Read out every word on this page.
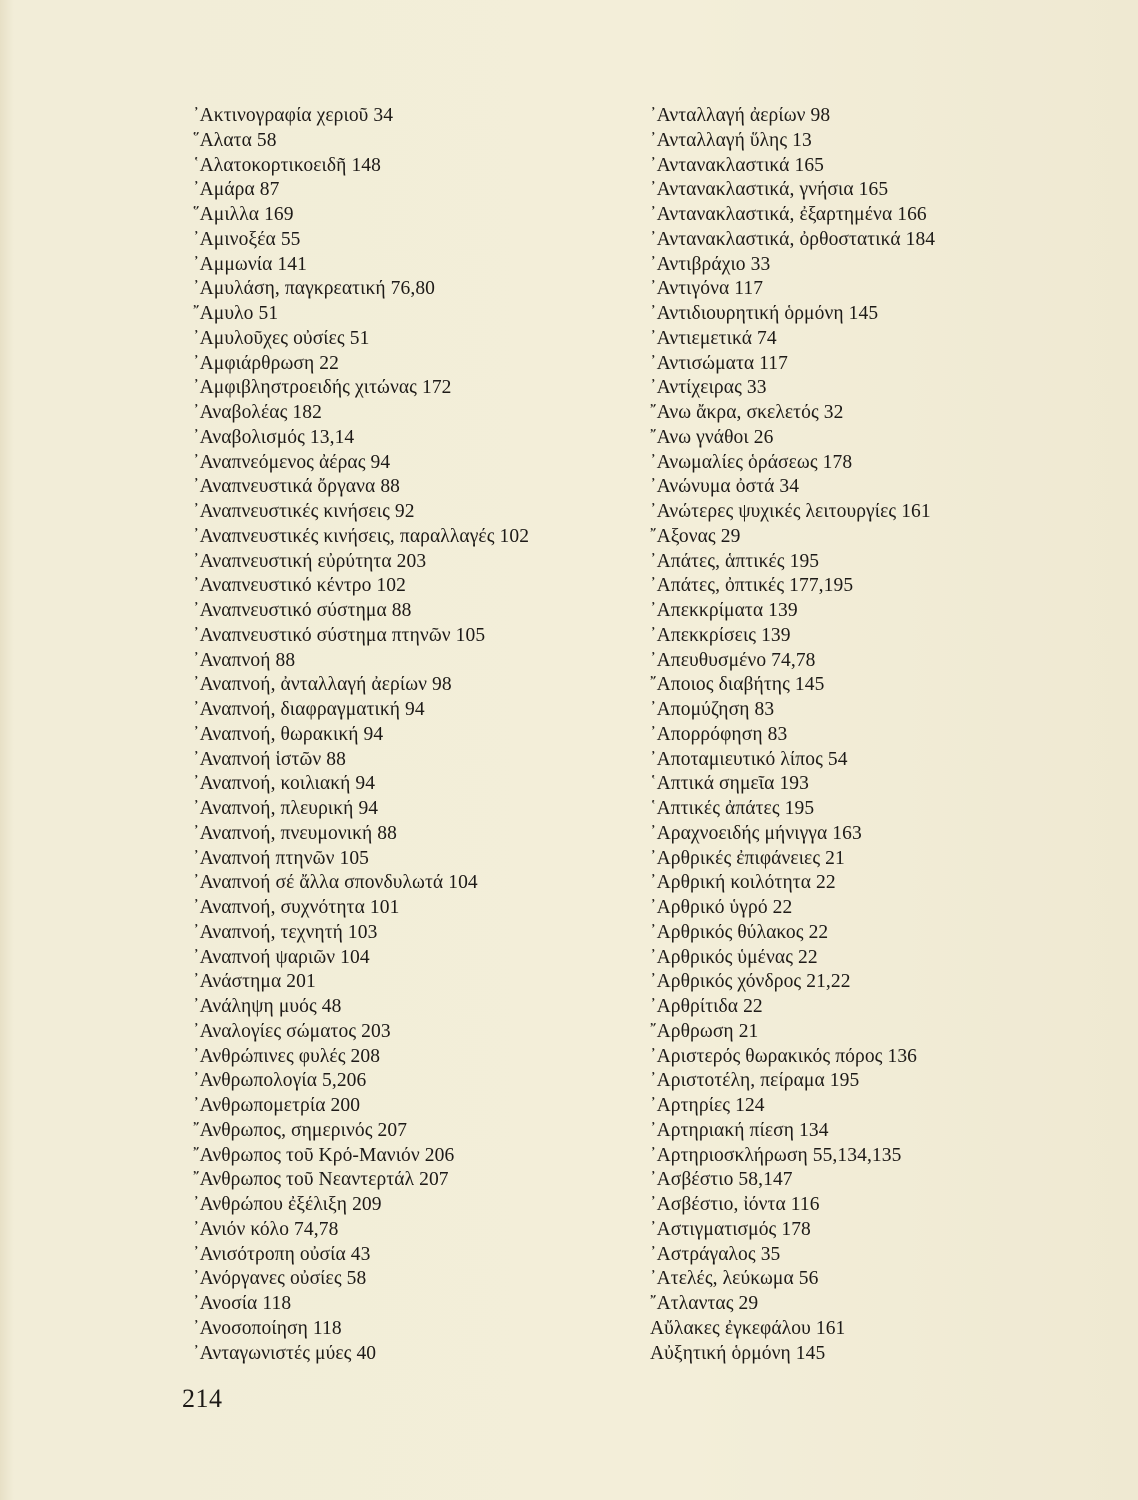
᾿Ακτινογραφία χεριοῦ 34
῞Αλατα 58
῾Αλατοκορτικοειδῆ 148
᾿Αμάρα 87
῞Αμιλλα 169
᾿Αμινοξέα 55
᾿Αμμωνία 141
᾿Αμυλάση, παγκρεατική 76,80
῎Αμυλο 51
᾿Αμυλοῦχες οὐσίες 51
᾿Αμφιάρθρωση 22
᾿Αμφιβληστροειδής χιτώνας 172
᾿Αναβολέας 182
᾿Αναβολισμός 13,14
᾿Αναπνεόμενος ἀέρας 94
᾿Αναπνευστικά ὄργανα 88
᾿Αναπνευστικές κινήσεις 92
᾿Αναπνευστικές κινήσεις, παραλλαγές 102
᾿Αναπνευστική εὐρύτητα 203
᾿Αναπνευστικό κέντρο 102
᾿Αναπνευστικό σύστημα 88
᾿Αναπνευστικό σύστημα πτηνῶν 105
᾿Αναπνοή 88
᾿Αναπνοή, ἀνταλλαγή ἀερίων 98
᾿Αναπνοή, διαφραγματική 94
᾿Αναπνοή, θωρακική 94
᾿Αναπνοή ἱστῶν 88
᾿Αναπνοή, κοιλιακή 94
᾿Αναπνοή, πλευρική 94
᾿Αναπνοή, πνευμονική 88
᾿Αναπνοή πτηνῶν 105
᾿Αναπνοή σέ ἄλλα σπονδυλωτά 104
᾿Αναπνοή, συχνότητα 101
᾿Αναπνοή, τεχνητή 103
᾿Αναπνοή ψαριῶν 104
᾿Ανάστημα 201
᾿Ανάληψη μυός 48
᾿Αναλογίες σώματος 203
᾿Ανθρώπινες φυλές 208
᾿Ανθρωπολογία 5,206
᾿Ανθρωπομετρία 200
῎Ανθρωπος, σημερινός 207
῎Ανθρωπος τοῦ Κρό-Μανιόν 206
῎Ανθρωπος τοῦ Νεαντερτάλ 207
᾿Ανθρώπου ἐξέλιξη 209
᾿Ανιόν κόλο 74,78
᾿Ανισότροπη οὐσία 43
᾿Ανόργανες οὐσίες 58
᾿Ανοσία 118
᾿Ανοσοποίηση 118
᾿Ανταγωνιστές μύες 40
᾿Ανταλλαγή ἀερίων 98
᾿Ανταλλαγή ὕλης 13
᾿Αντανακλαστικά 165
᾿Αντανακλαστικά, γνήσια 165
᾿Αντανακλαστικά, ἐξαρτημένα 166
᾿Αντανακλαστικά, ὀρθοστατικά 184
᾿Αντιβράχιο 33
᾿Αντιγόνα 117
᾿Αντιδιουρητική ὁρμόνη 145
᾿Αντιεμετικά 74
᾿Αντισώματα 117
᾿Αντίχειρας 33
῎Ανω ἄκρα, σκελετός 32
῎Ανω γνάθοι 26
᾿Ανωμαλίες ὁράσεως 178
᾿Ανώνυμα ὀστά 34
᾿Ανώτερες ψυχικές λειτουργίες 161
῎Αξονας 29
᾿Απάτες, ἁπτικές 195
᾿Απάτες, ὀπτικές 177,195
᾿Απεκκρίματα 139
᾿Απεκκρίσεις 139
᾿Απευθυσμένο 74,78
῎Αποιος διαβήτης 145
᾿Απομύζηση 83
᾿Απορρόφηση 83
᾿Αποταμιευτικό λίπος 54
῾Απτικά σημεῖα 193
῾Απτικές ἀπάτες 195
᾿Αραχνοειδής μήνιγγα 163
᾿Αρθρικές ἐπιφάνειες 21
᾿Αρθρική κοιλότητα 22
᾿Αρθρικό ὑγρό 22
᾿Αρθρικός θύλακος 22
᾿Αρθρικός ὑμένας 22
᾿Αρθρικός χόνδρος 21,22
᾿Αρθρίτιδα 22
῎Αρθρωση 21
᾿Αριστερός θωρακικός πόρος 136
᾿Αριστοτέλη, πείραμα 195
᾿Αρτηρίες 124
᾿Αρτηριακή πίεση 134
᾿Αρτηριοσκλήρωση 55,134,135
᾿Ασβέστιο 58,147
᾿Ασβέστιο, ἰόντα 116
᾿Αστιγματισμός 178
᾿Αστράγαλος 35
᾿Ατελές, λεύκωμα 56
῎Ατλαντας 29
Αὔλακες ἐγκεφάλου 161
Αὐξητική ὁρμόνη 145
214
